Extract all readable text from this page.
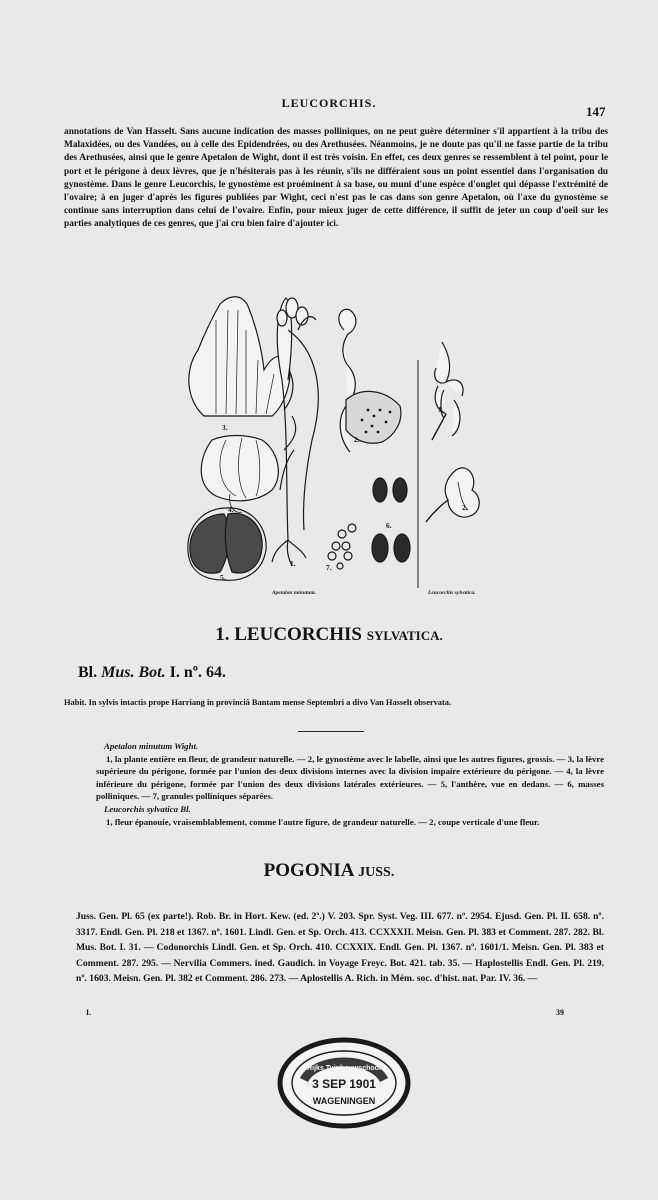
LEUCORCHIS.
147

annotations de Van Hasselt. Sans aucune indication des masses polliniques, on ne peut guère déterminer s'il appartient à la tribu des Malaxidées, ou des Vandées, ou à celle des Epidendrées, ou des Arethusées. Néanmoins, je ne doute pas qu'il ne fasse partie de la tribu des Arethusées, ainsi que le genre Apetalon de Wight, dont il est très voisin. En effet, ces deux genres se ressemblent à tel point, pour le port et le périgone à deux lèvres, que je n'hésiterais pas à les réunir, s'ils ne différaient sous un point essentiel dans l'organisation du gynostème. Dans le genre Leucorchis, le gynostème est proéminent à sa base, ou muni d'une espèce d'onglet qui dépasse l'extrémité de l'ovaire; à en juger d'après les figures publiées par Wight, ceci n'est pas le cas dans son genre Apetalon, où l'axe du gynostème se continue sans interruption dans celui de l'ovaire. Enfin, pour mieux juger de cette différence, il suffit de jeter un coup d'oeil sur les parties analytiques de ces genres, que j'ai cru bien faire d'ajouter ici.

3.
4.
5.
1.	7.
6.
2.
1.
2.
Apetalon minutum.	Leucorchis sylvatica.
1. LEUCORCHIS SYLVATICA.
Bl. Mus. Bot. I. nº. 64.
Habit. In sylvis intactis prope Harriang in provinciâ Bantam mense Septembri a divo Van Hasselt observata.

Apetalon minutum Wight.

1, la plante entière en fleur, de grandeur naturelle. — 2, le gynostème avec le labelle, ainsi que les autres figures, grossis. — 3, la lèvre supérieure du périgone, formée par l'union des deux divisions internes avec la division impaire extérieure du périgone. — 4, la lèvre inférieure du périgone, formée par l'union des deux divisions latérales extérieures. — 5, l'anthère, vue en dedans. — 6, masses polliniques. — 7, granules polliniques séparées.

Leucorchis sylvatica Bl.

1, fleur épanouie, vraisemblablement, comme l'autre figure, de grandeur naturelle. — 2, coupe verticale d'une fleur.

POGONIA JUSS.
Juss. Gen. Pl. 65 (ex parte!). Rob. Br. in Hort. Kew. (ed. 2ª.) V. 203. Spr. Syst. Veg. III. 677. nº. 2954. Ejusd. Gen. Pl. II. 658. nº. 3317. Endl. Gen. Pl. 218 et 1367. nº. 1601. Lindl. Gen. et Sp. Orch. 413. CCXXXII. Meisn. Gen. Pl. 383 et Comment. 287. 282. Bl. Mus. Bot. I. 31. — Codonorchis Lindl. Gen. et Sp. Orch. 410. CCXXIX. Endl. Gen. Pl. 1367. nº. 1601/1. Meisn. Gen. Pl. 383 et Comment. 287. 295. — Nervilia Commers. ined. Gaudich. in Voyage Freyc. Bot. 421. tab. 35. — Haplostellis Endl. Gen. Pl. 219. nº. 1603. Meisn. Gen. Pl. 382 et Comment. 286. 273. — Aplostellis A. Rich. in Mém. soc. d'hist. nat. Par. IV. 36. —
I.	39
Rijks Tuinbouwschool
3 SEP 1901
WAGENINGEN
